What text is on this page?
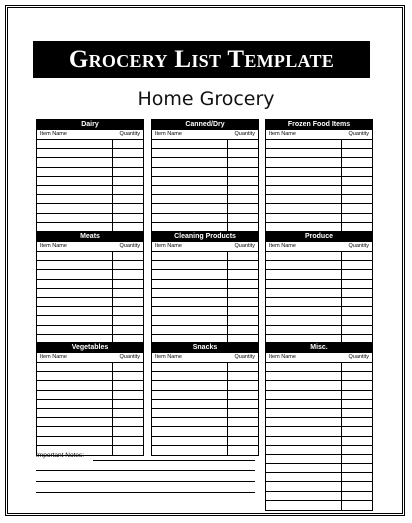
Grocery List Template
Home Grocery
Dairy
Item Name	Quantity
Canned/Dry
Item Name	Quantity
Frozen Food Items
Item Name	Quantity
Meats
Item Name	Quantity
Cleaning Products
Item Name	Quantity
Produce
Item Name	Quantity
Vegetables
Item Name	Quantity
Snacks
Item Name	Quantity
Misc.
Item Name	Quantity
Important Notes:
